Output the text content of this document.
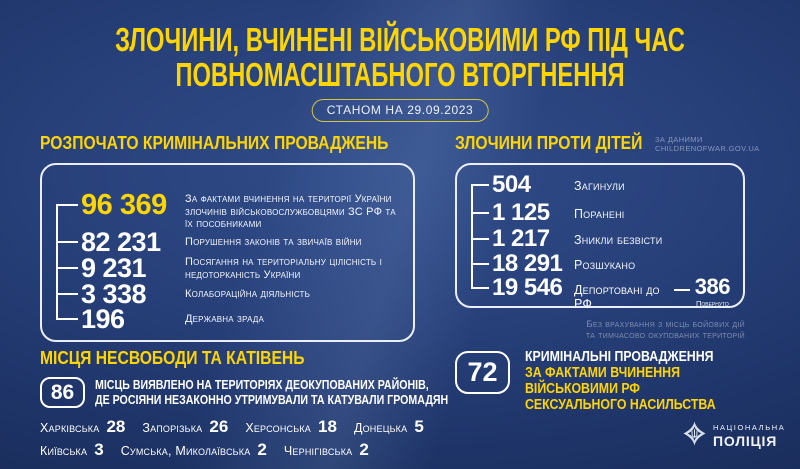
ЗЛОЧИНИ, ВЧИНЕНІ ВІЙСЬКОВИМИ РФ ПІД ЧАС
ПОВНОМАСШТАБНОГО ВТОРГНЕННЯ
СТАНОМ НА 29.09.2023
РОЗПОЧАТО КРИМІНАЛЬНИХ ПРОВАДЖЕНЬ
96 369	За фактами вчинення на території України злочинів військовослужбовцями ЗС РФ та їх пособниками
82 231	Порушення законів та звичаїв війни
9 231	Посягання на територіальну цілісність і недоторканість України
3 338	Колабораційна діяльність
196	Державна зрада
ЗЛОЧИНИ ПРОТИ ДІТЕЙ	ЗА ДАНИМИ
CHILDRENOFWAR.GOV.UA
504	Загинули
1 125	Поранені
1 217	Зникли безвісти
18 291 Розшукано
19 546 Депортовані до РФ
386
Повернуто
Без врахування з місць бойових дій
та тимчасово окупованих територій
МІСЦЯ НЕСВОБОДИ ТА КАТІВЕНЬ
86	МІСЦЬ ВИЯВЛЕНО НА ТЕРИТОРІЯХ ДЕОКУПОВАНИХ РАЙОНІВ,
ДЕ РОСІЯНИ НЕЗАКОННО УТРИМУВАЛИ ТА КАТУВАЛИ ГРОМАДЯН
Харківська 28 Запорізька 26 Херсонська 18 Донецька 5
Київська 3 Сумська, Миколаївська 2 Чернігівська 2
72	КРИМІНАЛЬНІ ПРОВАДЖЕННЯ
ЗА ФАКТАМИ ВЧИНЕННЯ
ВІЙСЬКОВИМИ РФ
СЕКСУАЛЬНОГО НАСИЛЬСТВА
НАЦІОНАЛЬНА
ПОЛІЦІЯ
